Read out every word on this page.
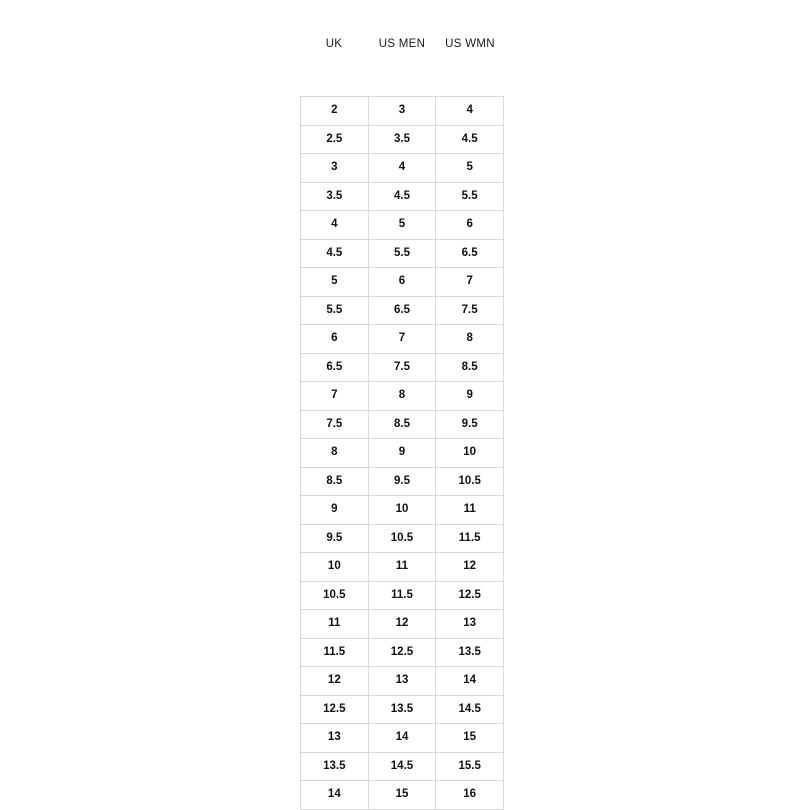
UK	US MEN	US WMN
2	3	4
2.5	3.5	4.5
3	4	5
3.5	4.5	5.5
4	5	6
4.5	5.5	6.5
5	6	7
5.5	6.5	7.5
6	7	8
6.5	7.5	8.5
7	8	9
7.5	8.5	9.5
8	9	10
8.5	9.5	10.5
9	10	11
9.5	10.5	11.5
10	11	12
10.5	11.5	12.5
11	12	13
11.5	12.5	13.5
12	13	14
12.5	13.5	14.5
13	14	15
13.5	14.5	15.5
14	15	16
